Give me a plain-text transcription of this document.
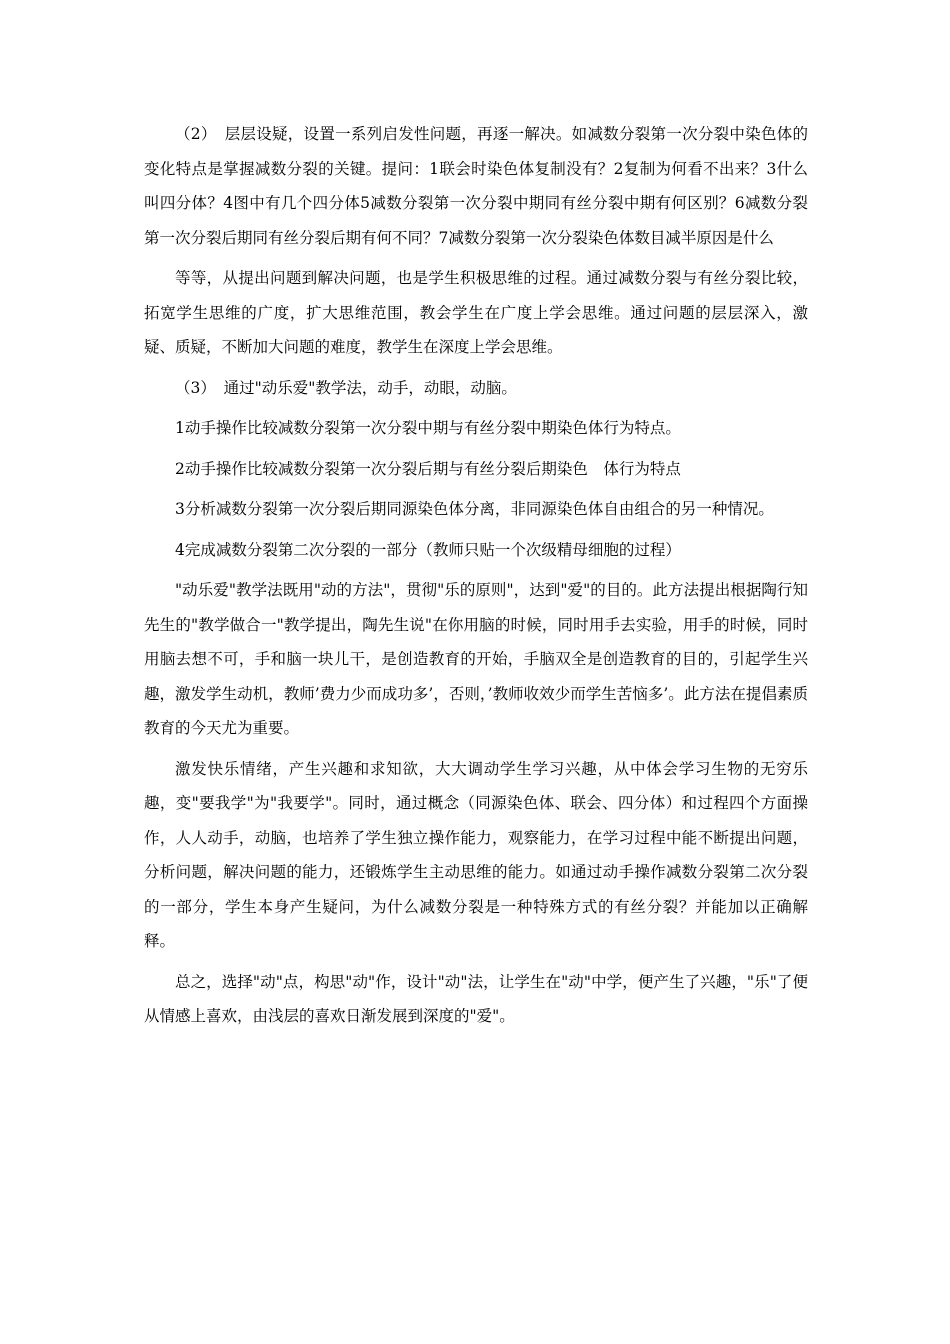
（2）　层层设疑，设置一系列启发性问题，再逐一解决。如减数分裂第一次分裂中染色体的变化特点是掌握减数分裂的关键。提问：1联会时染色体复制没有？2复制为何看不出来？3什么叫四分体？4图中有几个四分体5减数分裂第一次分裂中期同有丝分裂中期有何区别？6减数分裂第一次分裂后期同有丝分裂后期有何不同？7减数分裂第一次分裂染色体数目减半原因是什么

等等，从提出问题到解决问题，也是学生积极思维的过程。通过减数分裂与有丝分裂比较，拓宽学生思维的广度，扩大思维范围，教会学生在广度上学会思维。通过问题的层层深入，激疑、质疑，不断加大问题的难度，教学生在深度上学会思维。

（3）　通过"动乐爱"教学法，动手，动眼，动脑。

1动手操作比较减数分裂第一次分裂中期与有丝分裂中期染色体行为特点。

2动手操作比较减数分裂第一次分裂后期与有丝分裂后期染色　体行为特点

3分析减数分裂第一次分裂后期同源染色体分离，非同源染色体自由组合的另一种情况。

4完成减数分裂第二次分裂的一部分（教师只贴一个次级精母细胞的过程）

"动乐爱"教学法既用"动的方法"，贯彻"乐的原则"，达到"爱"的目的。此方法提出根据陶行知先生的"教学做合一"教学提出，陶先生说"在你用脑的时候，同时用手去实验，用手的时候，同时用脑去想不可，手和脑一块儿干，是创造教育的开始，手脑双全是创造教育的目的，引起学生兴趣，激发学生动机，教师’费力少而成功多’，否则，’教师收效少而学生苦恼多’。此方法在提倡素质教育的今天尤为重要。

激发快乐情绪，产生兴趣和求知欲，大大调动学生学习兴趣，从中体会学习生物的无穷乐趣，变"要我学"为"我要学"。同时，通过概念（同源染色体、联会、四分体）和过程四个方面操作，人人动手，动脑，也培养了学生独立操作能力，观察能力，在学习过程中能不断提出问题，分析问题，解决问题的能力，还锻炼学生主动思维的能力。如通过动手操作减数分裂第二次分裂的一部分，学生本身产生疑问，为什么减数分裂是一种特殊方式的有丝分裂？并能加以正确解释。

总之，选择"动"点，构思"动"作，设计"动"法，让学生在"动"中学，便产生了兴趣，"乐"了便从情感上喜欢，由浅层的喜欢日渐发展到深度的"爱"。
